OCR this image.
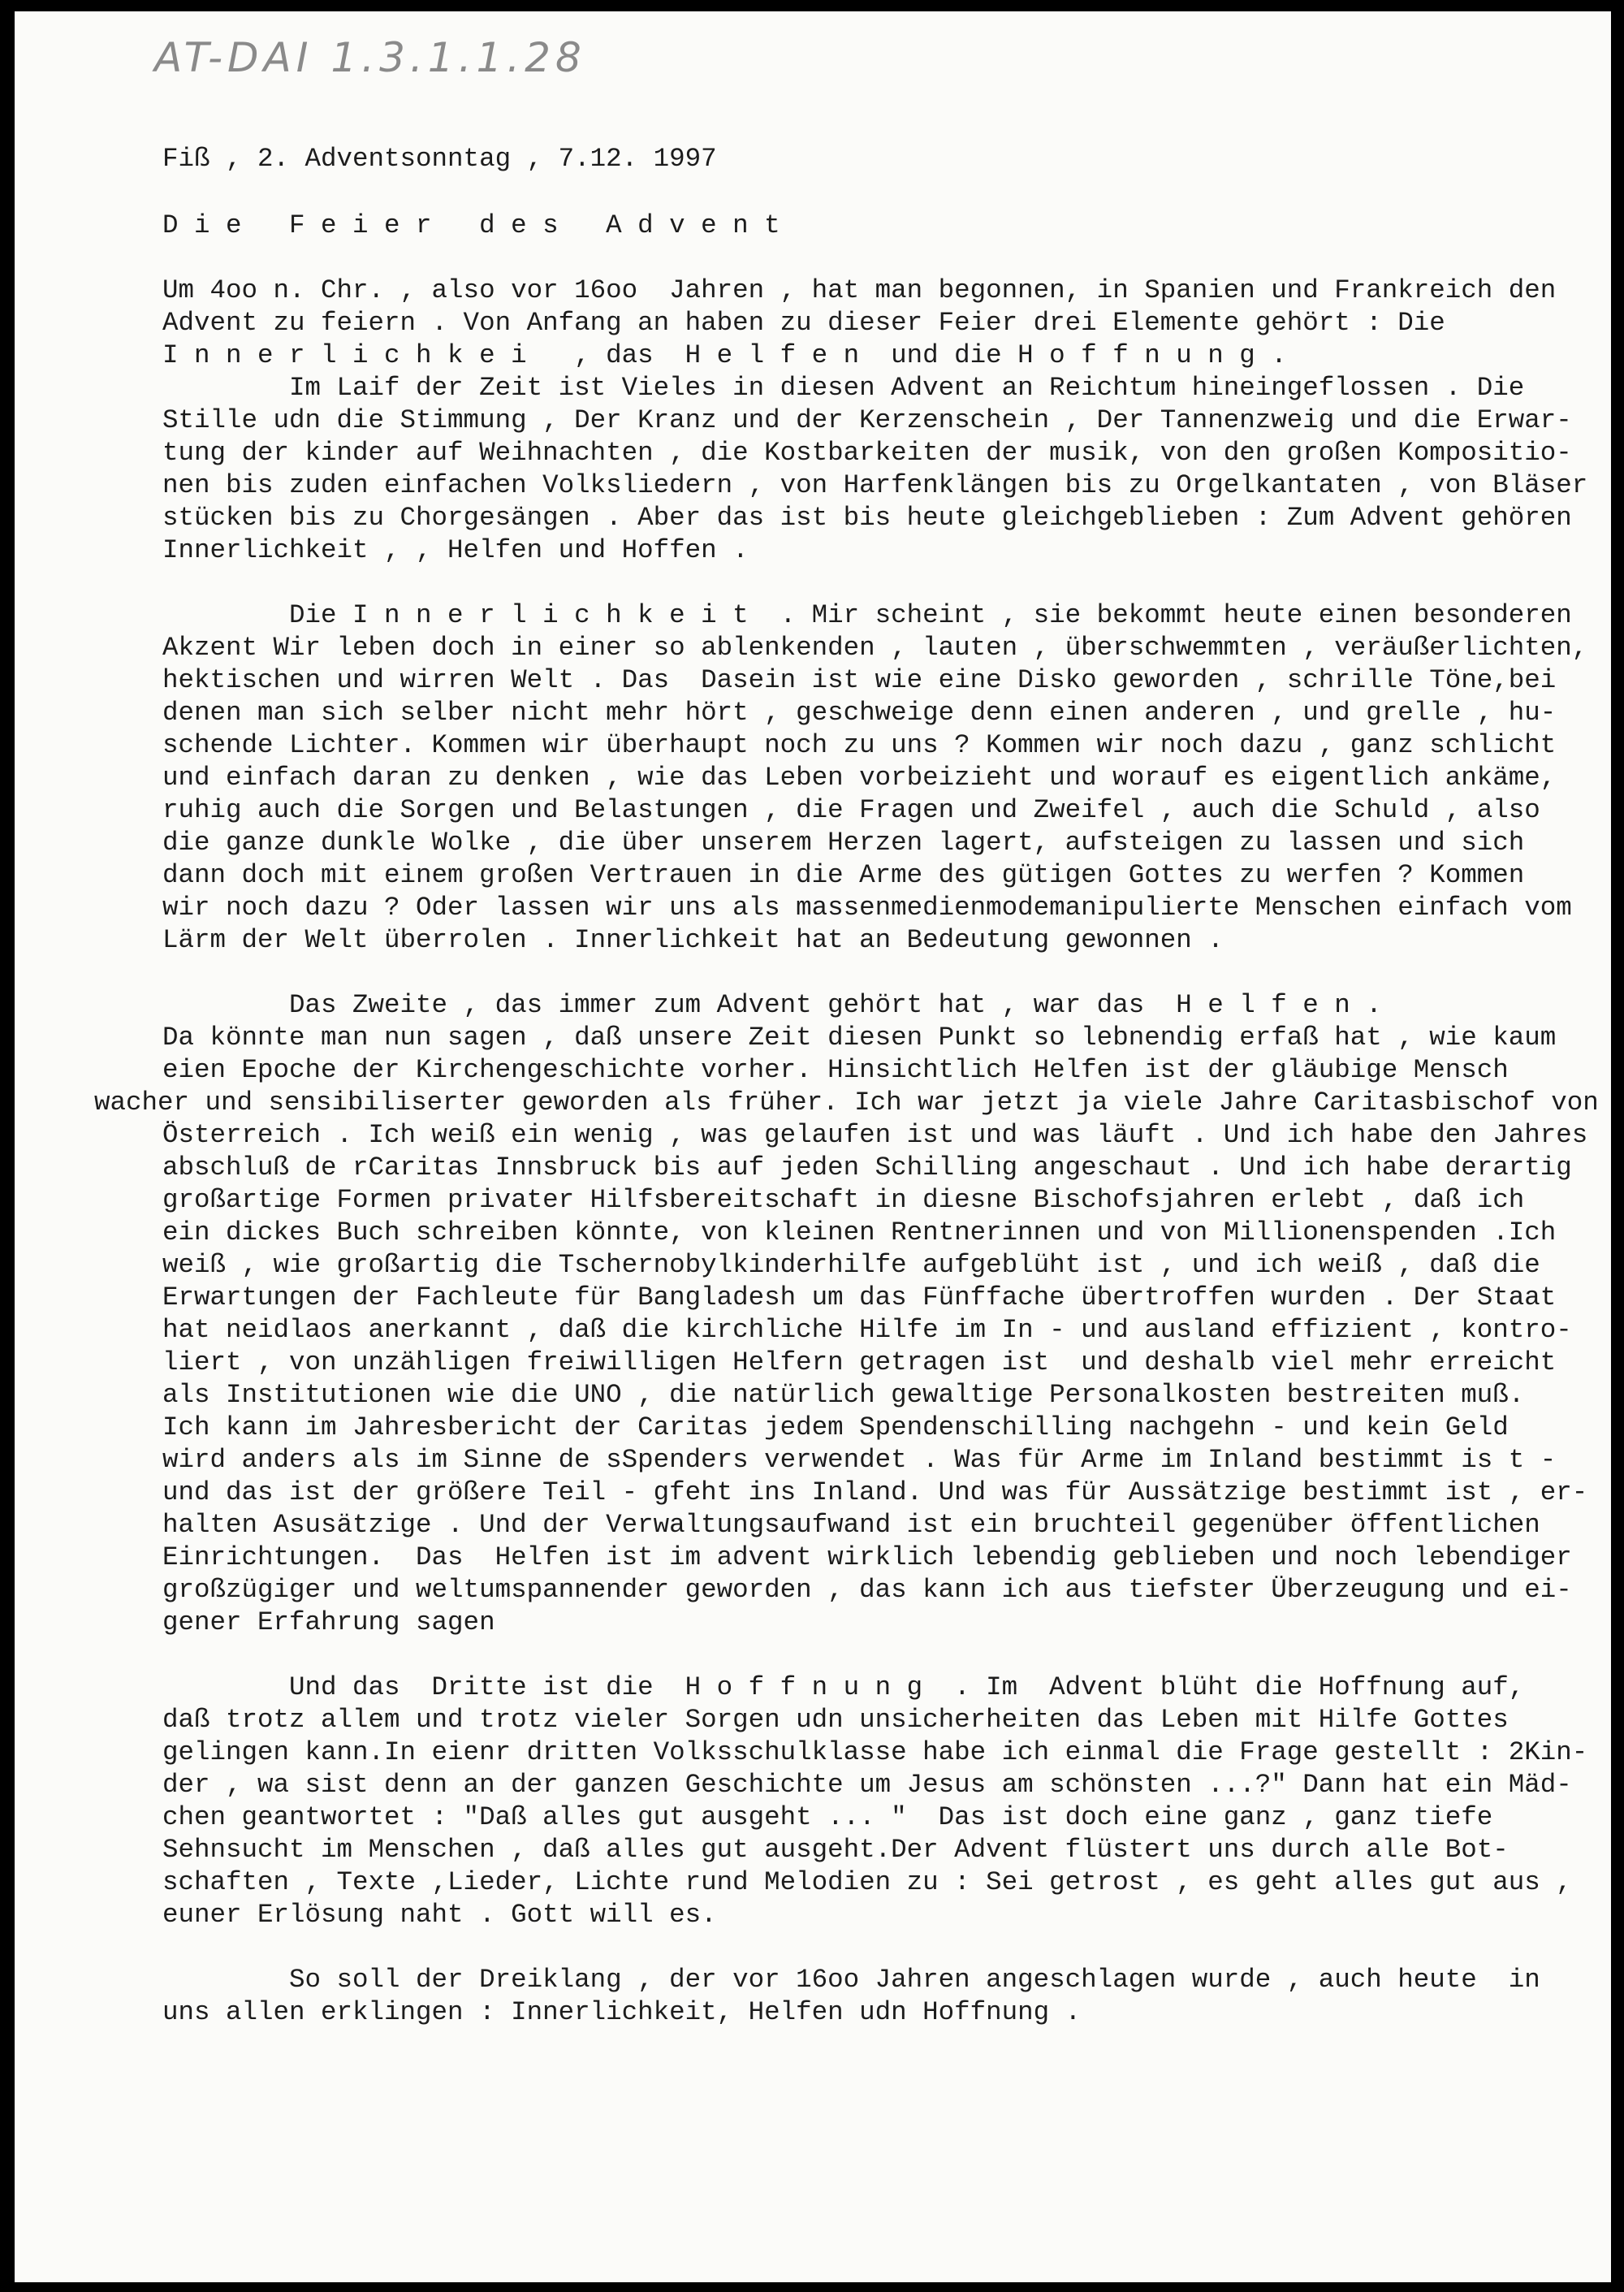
AT-DAI 1.3.1.1.28
Fiß , 2. Adventsonntag , 7.12. 1997
D i e   F e i e r   d e s   A d v e n t
Um 4oo n. Chr. , also vor 16oo  Jahren , hat man begonnen, in Spanien und Frankreich den
Advent zu feiern . Von Anfang an haben zu dieser Feier drei Elemente gehört : Die
I n n e r l i c h k e i   , das  H e l f e n  und die H o f f n u n g .
Im Laif der Zeit ist Vieles in diesen Advent an Reichtum hineingeflossen . Die
Stille udn die Stimmung , Der Kranz und der Kerzenschein , Der Tannenzweig und die Erwar-
tung der kinder auf Weihnachten , die Kostbarkeiten der musik, von den großen Kompositio-
nen bis zuden einfachen Volksliedern , von Harfenklängen bis zu Orgelkantaten , von Bläser
stücken bis zu Chorgesängen . Aber das ist bis heute gleichgeblieben : Zum Advent gehören
Innerlichkeit , , Helfen und Hoffen .
Die I n n e r l i c h k e i t  . Mir scheint , sie bekommt heute einen besonderen
Akzent Wir leben doch in einer so ablenkenden , lauten , überschwemmten , veräußerlichten,
hektischen und wirren Welt . Das  Dasein ist wie eine Disko geworden , schrille Töne,bei
denen man sich selber nicht mehr hört , geschweige denn einen anderen , und grelle , hu-
schende Lichter. Kommen wir überhaupt noch zu uns ? Kommen wir noch dazu , ganz schlicht
und einfach daran zu denken , wie das Leben vorbeizieht und worauf es eigentlich ankäme,
ruhig auch die Sorgen und Belastungen , die Fragen und Zweifel , auch die Schuld , also
die ganze dunkle Wolke , die über unserem Herzen lagert, aufsteigen zu lassen und sich
dann doch mit einem großen Vertrauen in die Arme des gütigen Gottes zu werfen ? Kommen
wir noch dazu ? Oder lassen wir uns als massenmedienmodemanipulierte Menschen einfach vom
Lärm der Welt überrolen . Innerlichkeit hat an Bedeutung gewonnen .
Das Zweite , das immer zum Advent gehört hat , war das  H e l f e n .
Da könnte man nun sagen , daß unsere Zeit diesen Punkt so lebnendig erfaß hat , wie kaum
eien Epoche der Kirchengeschichte vorher. Hinsichtlich Helfen ist der gläubige Mensch
wacher und sensibiliserter geworden als früher. Ich war jetzt ja viele Jahre Caritasbischof von
Österreich . Ich weiß ein wenig , was gelaufen ist und was läuft . Und ich habe den Jahres
abschluß de rCaritas Innsbruck bis auf jeden Schilling angeschaut . Und ich habe derartig
großartige Formen privater Hilfsbereitschaft in diesne Bischofsjahren erlebt , daß ich
ein dickes Buch schreiben könnte, von kleinen Rentnerinnen und von Millionenspenden .Ich
weiß , wie großartig die Tschernobylkinderhilfe aufgeblüht ist , und ich weiß , daß die
Erwartungen der Fachleute für Bangladesh um das Fünffache übertroffen wurden . Der Staat
hat neidlaos anerkannt , daß die kirchliche Hilfe im In - und ausland effizient , kontro-
liert , von unzähligen freiwilligen Helfern getragen ist  und deshalb viel mehr erreicht
als Institutionen wie die UNO , die natürlich gewaltige Personalkosten bestreiten muß.
Ich kann im Jahresbericht der Caritas jedem Spendenschilling nachgehn - und kein Geld
wird anders als im Sinne de sSpenders verwendet . Was für Arme im Inland bestimmt is t -
und das ist der größere Teil - gfeht ins Inland. Und was für Aussätzige bestimmt ist , er-
halten Asusätzige . Und der Verwaltungsaufwand ist ein bruchteil gegenüber öffentlichen
Einrichtungen.  Das  Helfen ist im advent wirklich lebendig geblieben und noch lebendiger
großzügiger und weltumspannender geworden , das kann ich aus tiefster Überzeugung und ei-
gener Erfahrung sagen
Und das  Dritte ist die  H o f f n u n g  . Im  Advent blüht die Hoffnung auf,
daß trotz allem und trotz vieler Sorgen udn unsicherheiten das Leben mit Hilfe Gottes
gelingen kann.In eienr dritten Volksschulklasse habe ich einmal die Frage gestellt : 2Kin-
der , wa sist denn an der ganzen Geschichte um Jesus am schönsten ...?" Dann hat ein Mäd-
chen geantwortet : "Daß alles gut ausgeht ... "  Das ist doch eine ganz , ganz tiefe
Sehnsucht im Menschen , daß alles gut ausgeht.Der Advent flüstert uns durch alle Bot-
schaften , Texte ,Lieder, Lichte rund Melodien zu : Sei getrost , es geht alles gut aus ,
euner Erlösung naht . Gott will es.
So soll der Dreiklang , der vor 16oo Jahren angeschlagen wurde , auch heute  in
uns allen erklingen : Innerlichkeit, Helfen udn Hoffnung .
